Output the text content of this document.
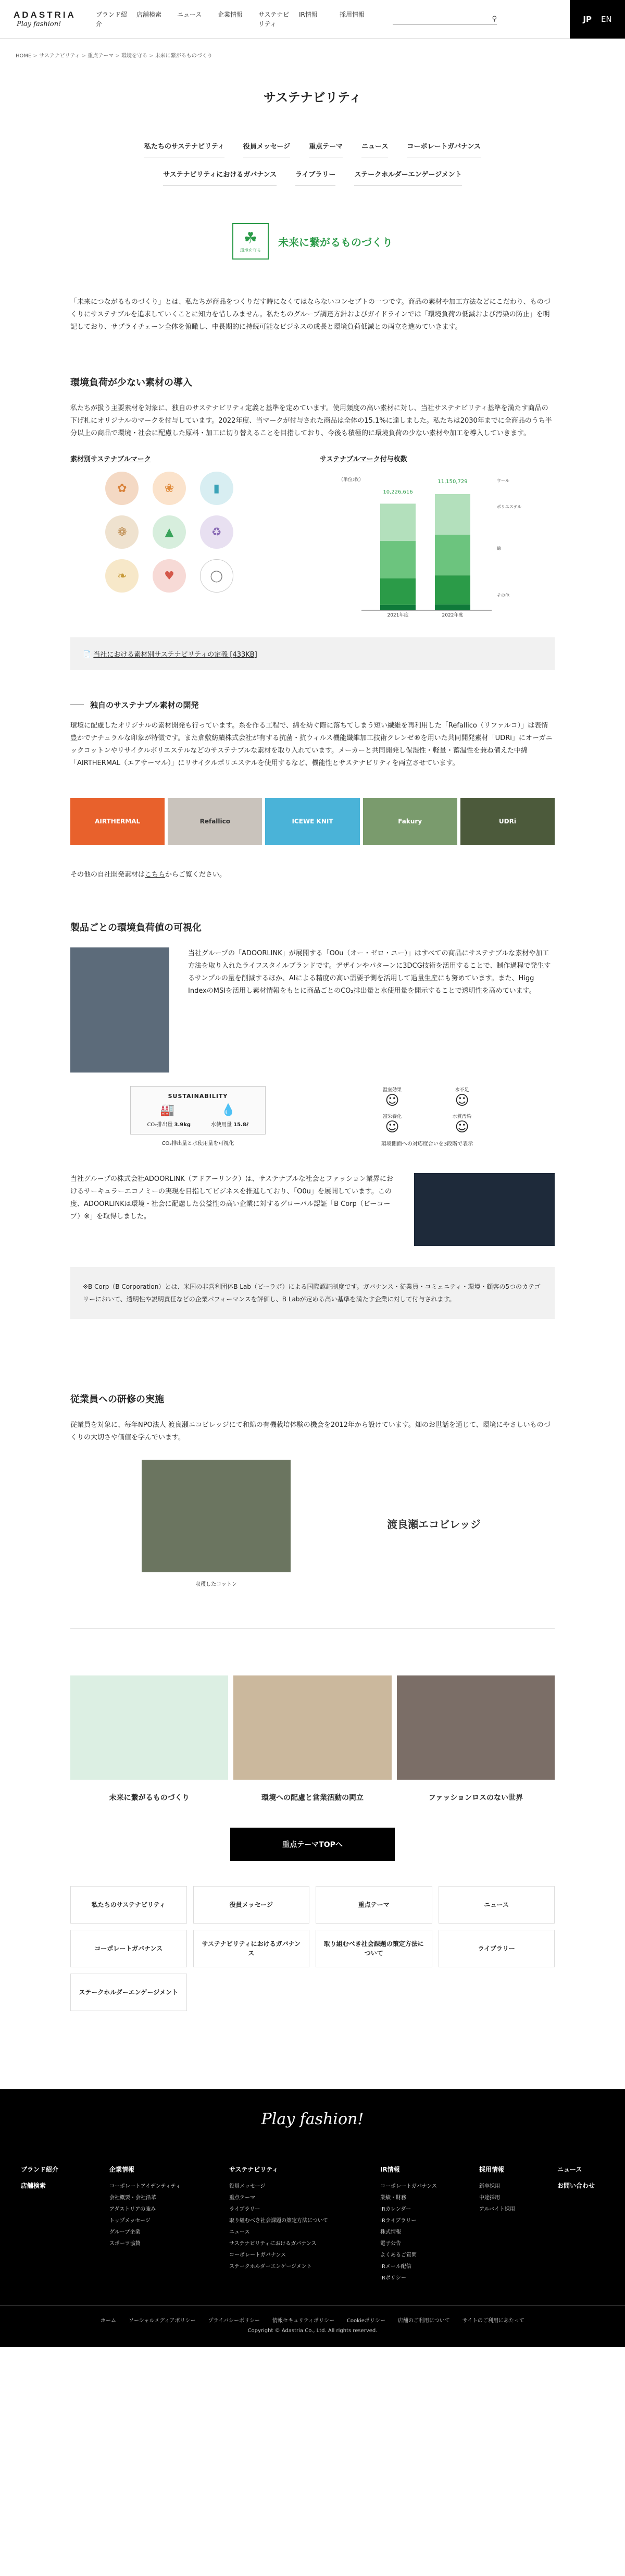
ADASTRIA
Play fashion!
ブランド紹介
店舗検索	ニュース	企業情報	サステナビリティ
IR情報	採用情報
⚲	JP EN
HOME > サステナビリティ > 重点テーマ > 環境を守る > 未来に繋がるものづくり
サステナビリティ
私たちのサステナビリティ	役員メッセージ	重点テーマ	ニュース	コーポレートガバナンス
サステナビリティにおけるガバナンス	ライブラリー	ステークホルダーエンゲージメント
☘
環境を守る
未来に繋がるものづくり

「未来につながるものづくり」とは、私たちが商品をつくりだす時になくてはならないコンセプトの一つです。商品の素材や加工方法などにこだわり、ものづくりにサステナブルを追求していくことに知力を惜しみません。私たちのグループ調達方針およびガイドラインでは「環境負荷の低減および汚染の防止」を明記しており、サプライチェーン全体を俯瞰し、中長期的に持続可能なビジネスの成長と環境負荷低減との両立を進めていきます。

環境負荷が少ない素材の導入

私たちが扱う主要素材を対象に、独自のサステナビリティ定義と基準を定めています。使用頻度の高い素材に対し、当社サステナビリティ基準を満たす商品の下げ札にオリジナルのマークを付与しています。2022年度、当マークが付与された商品は全体の15.1%に達しました。私たちは2030年までに全商品のうち半分以上の商品で環境・社会に配慮した原料・加工に切り替えることを目指しており、今後も積極的に環境負荷の少ない素材や加工を導入していきます。

素材別サステナブルマーク
✿	❀	▮
❁	▲	♻
❧	♥	◯
サステナブルマーク付与枚数
（単位:枚）
2021年度	2022年度
10,226,616
11,150,729	ウール
ポリエステル
綿
その他
📄 当社における素材別サステナビリティの定義 [433KB]
独自のサステナブル素材の開発

環境に配慮したオリジナルの素材開発も行っています。糸を作る工程で、綿を紡ぐ際に落ちてしまう短い繊維を再利用した「Refallico（リファルコ）」は表情豊かでナチュラルな印象が特徴です。また倉敷紡績株式会社が有する抗菌・抗ウィルス機能繊維加工技術クレンゼ®を用いた共同開発素材「UDRi」にオーガニックコットンやリサイクルポリエステルなどのサステナブルな素材を取り入れています。メーカーと共同開発し保湿性・軽量・蓄温性を兼ね備えた中綿「AIRTHERMAL（エアサーマル）」にリサイクルポリエステルを使用するなど、機能性とサステナビリティを両立させています。

AIRTHERMAL	Refallico	ICEWE KNIT	Fakury	UDRi

その他の自社開発素材はこちらからご覧ください。

製品ごとの環境負荷値の可視化

当社グループの「ADOORLINK」が展開する「O0u（オー・ゼロ・ユー）」はすべての商品にサステナブルな素材や加工方法を取り入れたライフスタイルブランドです。デザインやパターンに3DCG技術を活用することで、制作過程で発生するサンプルの量を削減するほか、AIによる精度の高い需要予測を活用して過量生産にも努めています。また、Higg IndexのMSIを活用し素材情報をもとに商品ごとのCO₂排出量と水使用量を開示することで透明性を高めています。

SUSTAINABILITY
🏭	💧
CO₂排出量 3.9kg	水使用量 15.8ℓ
CO₂排出量と水使用量を可視化
温室効果
☺
水不足
☺
富栄養化
☺
水質汚染
☺
環境側面への対応度合いを3段階で表示

当社グループの株式会社ADOORLINK（アドアーリンク）は、サステナブルな社会とファッション業界におけるサーキュラーエコノミーの実現を目指してビジネスを推進しており、「O0u」を展開しています。この度、ADOORLINKは環境・社会に配慮した公益性の高い企業に対するグローバル認証「B Corp（ビーコープ）※」を取得しました。

※B Corp（B Corporation）とは、米国の非営利団体B Lab（ビーラボ）による国際認証制度です。ガバナンス・従業員・コミュニティ・環境・顧客の5つのカテゴリーにおいて、透明性や説明責任などの企業パフォーマンスを評価し、B Labが定める高い基準を満たす企業に対して付与されます。
従業員への研修の実施

従業員を対象に、毎年NPO法人 渡良瀬エコビレッジにて和綿の有機栽培体験の機会を2012年から設けています。畑のお世話を通じて、環境にやさしいものづくりの大切さや価値を学んでいます。

収穫したコットン
渡良瀬エコビレッジ
未来に繋がるものづくり	環境への配慮と営業活動の両立	ファッションロスのない世界
重点テーマTOPへ
私たちのサステナビリティ	役員メッセージ	重点テーマ	ニュース
コーポレートガバナンス
サステナビリティにおけるガバナンス
取り組むべき社会課題の策定方法について
ライブラリー
ステークホルダーエンゲージメント
Play fashion!
ブランド紹介
店舗検索
企業情報
コーポレートアイデンティティ
会社概要・会社沿革
アダストリアの強み
トップメッセージ
グループ企業
スポーツ協賛
サステナビリティ
役員メッセージ
重点テーマ
ライブラリー
取り組むべき社会課題の策定方法について
ニュース
サステナビリティにおけるガバナンス
コーポレートガバナンス
ステークホルダーエンゲージメント
IR情報
コーポレートガバナンス
業績・財務
IRカレンダー
IRライブラリー
株式情報
電子公告
よくあるご質問
IRメール配信
IRポリシー
採用情報
新卒採用
中途採用
アルバイト採用
ニュース
お問い合わせ
ホーム ソーシャルメディアポリシー プライバシーポリシー 情報セキュリティポリシー Cookieポリシー 店舗のご利用について サイトのご利用にあたって
Copyright © Adastria Co., Ltd. All rights reserved.
